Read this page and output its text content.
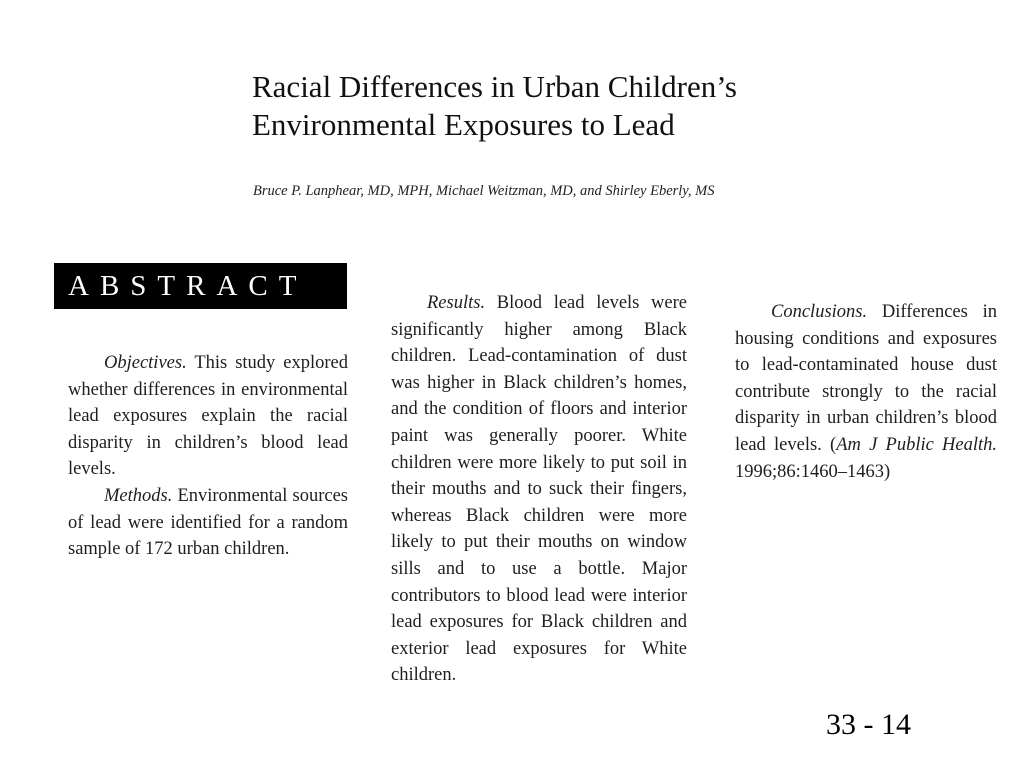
Racial Differences in Urban Children’s
Environmental Exposures to Lead
Bruce P. Lanphear, MD, MPH, Michael Weitzman, MD, and Shirley Eberly, MS
ABSTRACT

Objectives. This study explored whether differences in environmental lead exposures explain the racial disparity in children’s blood lead levels.

Methods. Environmental sources of lead were identified for a random sample of 172 urban children.

Results. Blood lead levels were significantly higher among Black children. Lead-contamination of dust was higher in Black children’s homes, and the condition of floors and interior paint was generally poorer. White children were more likely to put soil in their mouths and to suck their fingers, whereas Black children were more likely to put their mouths on window sills and to use a bottle. Major contributors to blood lead were interior lead exposures for Black children and exterior lead exposures for White children.

Conclusions. Differences in housing conditions and exposures to lead-contaminated house dust contribute strongly to the racial disparity in urban children’s blood lead levels. (Am J Public Health. 1996;86:1460–1463)

33 - 14
